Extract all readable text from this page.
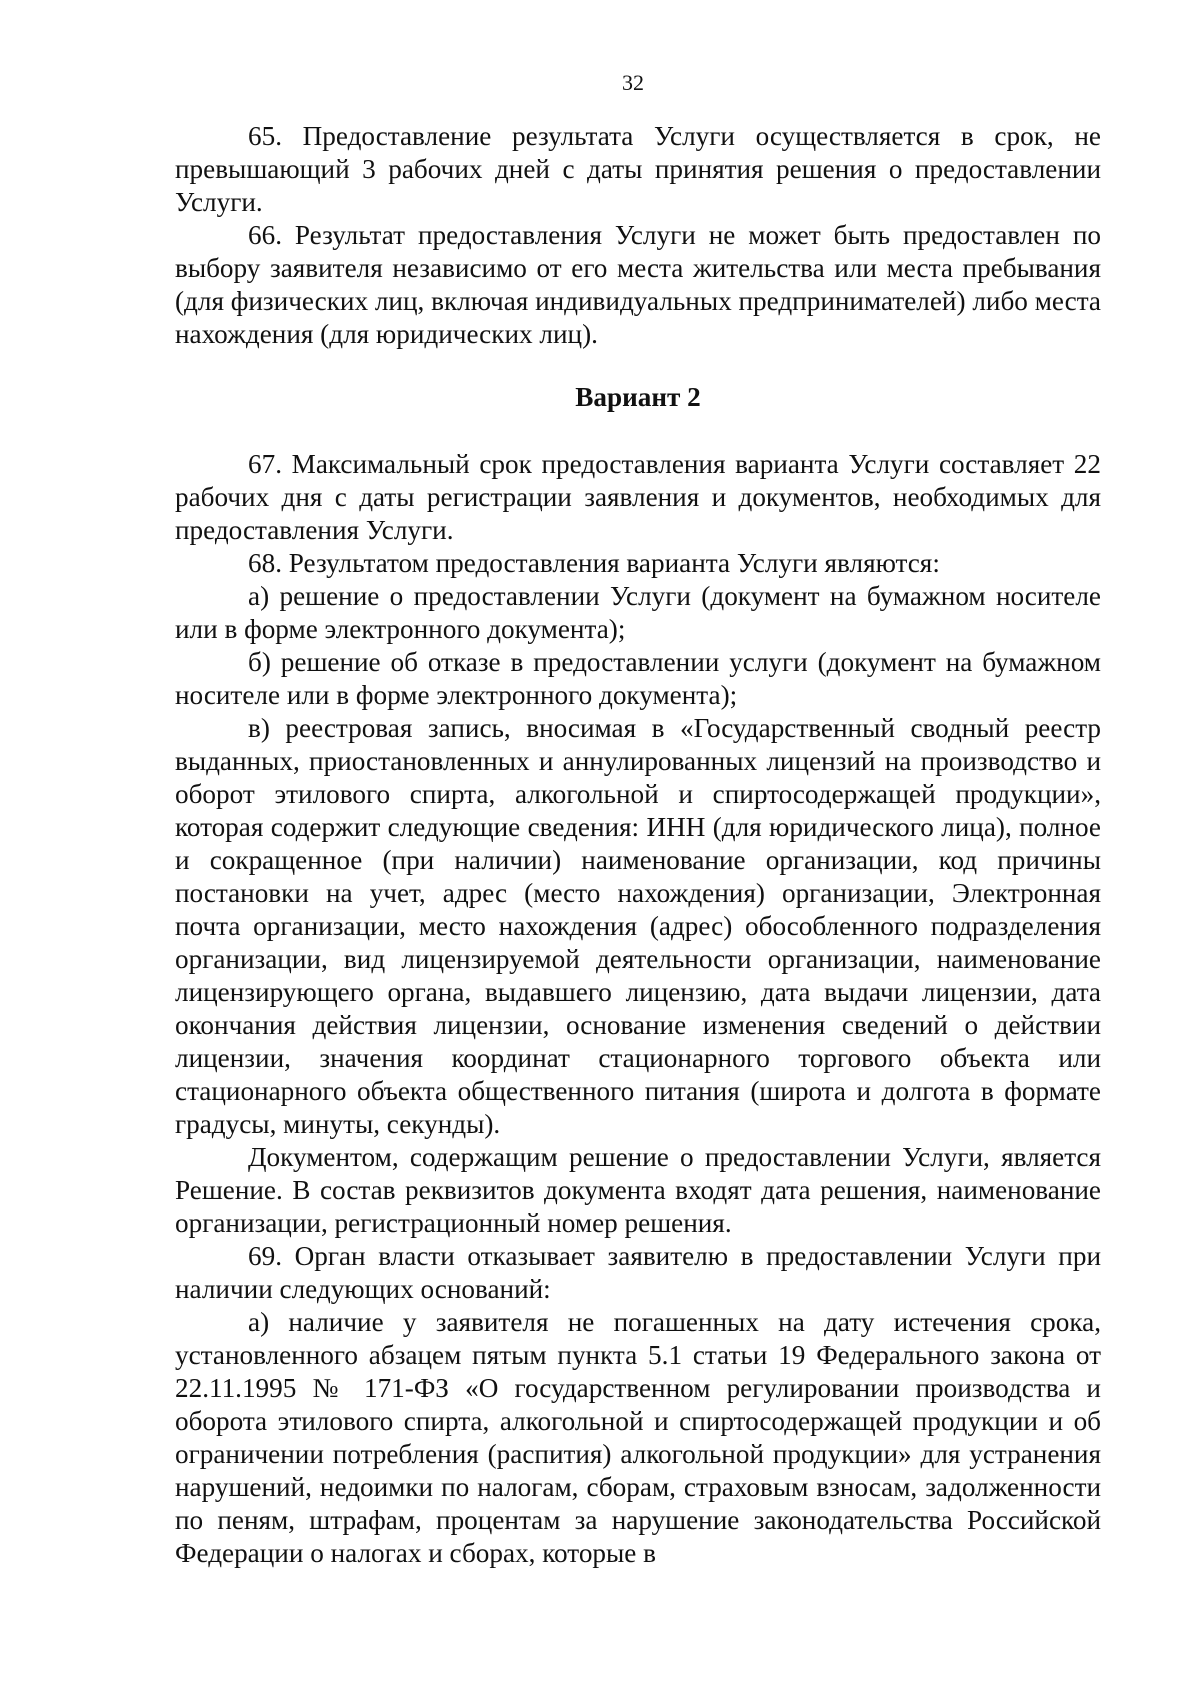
32

65. Предоставление результата Услуги осуществляется в срок, не превышающий 3 рабочих дней с даты принятия решения о предоставлении Услуги.

66. Результат предоставления Услуги не может быть предоставлен по выбору заявителя независимо от его места жительства или места пребывания (для физических лиц, включая индивидуальных предпринимателей) либо места нахождения (для юридических лиц).

Вариант 2

67. Максимальный срок предоставления варианта Услуги составляет 22 рабочих дня с даты регистрации заявления и документов, необходимых для предоставления Услуги.

68. Результатом предоставления варианта Услуги являются:

а) решение о предоставлении Услуги (документ на бумажном носителе или в форме электронного документа);

б) решение об отказе в предоставлении услуги (документ на бумажном носителе или в форме электронного документа);

в) реестровая запись, вносимая в «Государственный сводный реестр выданных, приостановленных и аннулированных лицензий на производство и оборот этилового спирта, алкогольной и спиртосодержащей продукции», которая содержит следующие сведения: ИНН (для юридического лица), полное и сокращенное (при наличии) наименование организации, код причины постановки на учет, адрес (место нахождения) организации, Электронная почта организации, место нахождения (адрес) обособленного подразделения организации, вид лицензируемой деятельности организации, наименование лицензирующего органа, выдавшего лицензию, дата выдачи лицензии, дата окончания действия лицензии, основание изменения сведений о действии лицензии, значения координат стационарного торгового объекта или стационарного объекта общественного питания (широта и долгота в формате градусы, минуты, секунды).

Документом, содержащим решение о предоставлении Услуги, является Решение. В состав реквизитов документа входят дата решения, наименование организации, регистрационный номер решения.

69. Орган власти отказывает заявителю в предоставлении Услуги при наличии следующих оснований:

а) наличие у заявителя не погашенных на дату истечения срока, установленного абзацем пятым пункта 5.1 статьи 19 Федерального закона от 22.11.1995 № 171-ФЗ «О государственном регулировании производства и оборота этилового спирта, алкогольной и спиртосодержащей продукции и об ограничении потребления (распития) алкогольной продукции» для устранения нарушений, недоимки по налогам, сборам, страховым взносам, задолженности по пеням, штрафам, процентам за нарушение законодательства Российской Федерации о налогах и сборах, которые в
